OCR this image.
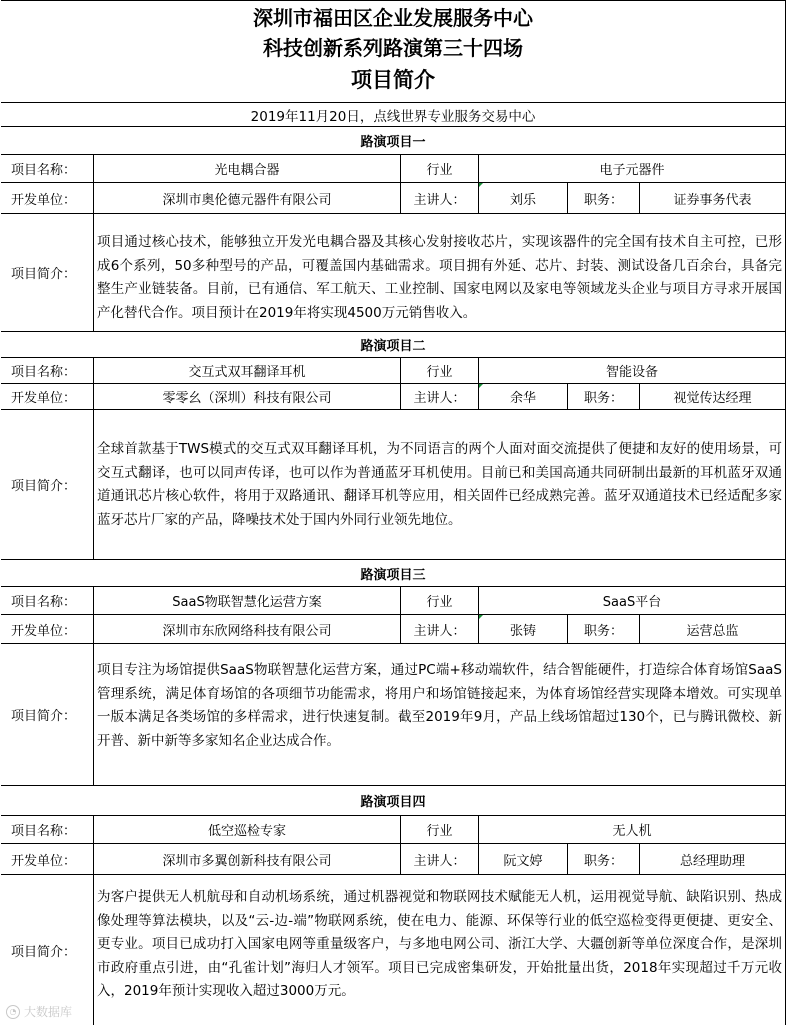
深圳市福田区企业发展服务中心
科技创新系列路演第三十四场
项目简介
2019年11月20日，点线世界专业服务交易中心
路演项目一
项目名称：	光电耦合器	行业	电子元器件
开发单位：	深圳市奥伦德元器件有限公司	主讲人：	刘乐	职务：	证券事务代表
项目简介：
项目通过核心技术，能够独立开发光电耦合器及其核心发射接收芯片，实现该器件的完全国有技术自主可控，已形成6个系列，50多种型号的产品，可覆盖国内基础需求。项目拥有外延、芯片、封装、测试设备几百余台，具备完整生产业链装备。目前，已有通信、军工航天、工业控制、国家电网以及家电等领域龙头企业与项目方寻求开展国产化替代合作。项目预计在2019年将实现4500万元销售收入。
路演项目二
项目名称：	交互式双耳翻译耳机	行业	智能设备
开发单位：	零零幺（深圳）科技有限公司	主讲人：	余华	职务：	视觉传达经理
项目简介：
全球首款基于TWS模式的交互式双耳翻译耳机，为不同语言的两个人面对面交流提供了便捷和友好的使用场景，可交互式翻译，也可以同声传译，也可以作为普通蓝牙耳机使用。目前已和美国高通共同研制出最新的耳机蓝牙双通道通讯芯片核心软件，将用于双路通讯、翻译耳机等应用，相关固件已经成熟完善。蓝牙双通道技术已经适配多家蓝牙芯片厂家的产品，降噪技术处于国内外同行业领先地位。
路演项目三
项目名称：	SaaS物联智慧化运营方案	行业	SaaS平台
开发单位：	深圳市东欣网络科技有限公司	主讲人：	张铸	职务：	运营总监
项目简介：
项目专注为场馆提供SaaS物联智慧化运营方案，通过PC端+移动端软件，结合智能硬件，打造综合体育场馆SaaS管理系统，满足体育场馆的各项细节功能需求，将用户和场馆链接起来，为体育场馆经营实现降本增效。可实现单一版本满足各类场馆的多样需求，进行快速复制。截至2019年9月，产品上线场馆超过130个，已与腾讯微校、新开普、新中新等多家知名企业达成合作。
路演项目四
项目名称：	低空巡检专家	行业	无人机
开发单位：	深圳市多翼创新科技有限公司	主讲人：	阮文婷	职务：	总经理助理
项目简介：
为客户提供无人机航母和自动机场系统，通过机器视觉和物联网技术赋能无人机，运用视觉导航、缺陷识别、热成像处理等算法模块，以及“云-边-端”物联网系统，使在电力、能源、环保等行业的低空巡检变得更便捷、更安全、更专业。项目已成功打入国家电网等重量级客户，与多地电网公司、浙江大学、大疆创新等单位深度合作，是深圳市政府重点引进，由“孔雀计划”海归人才领军。项目已完成密集研发，开始批量出货，2018年实现超过千万元收入，2019年预计实现收入超过3000万元。
◔ 大数据库
